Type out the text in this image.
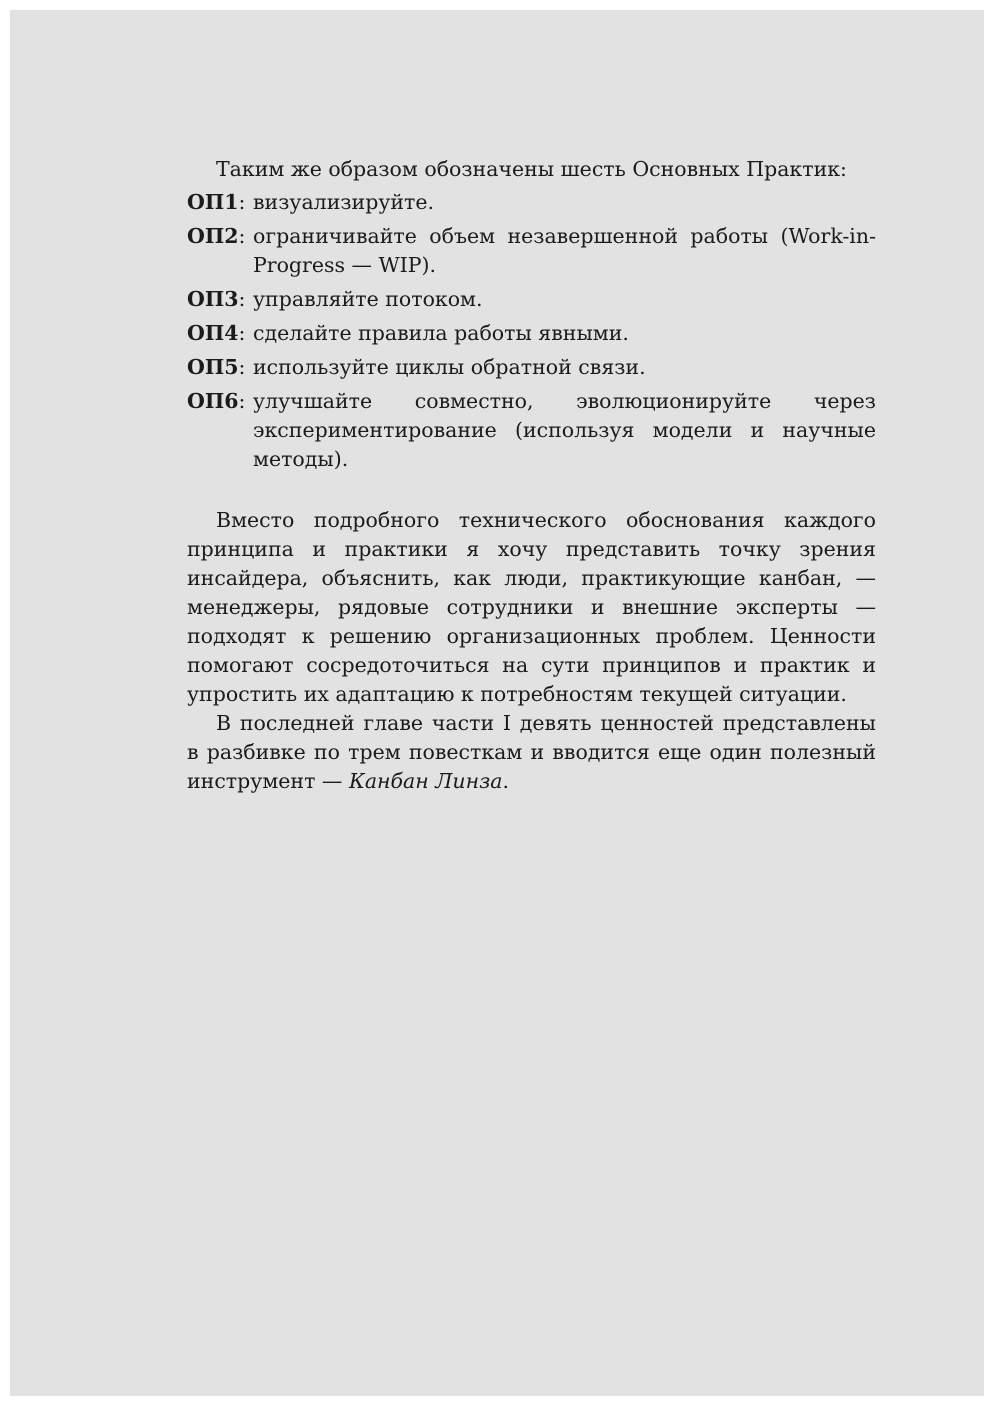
Таким же образом обозначены шесть Основных Практик:

ОП1: визуализируйте.
ОП2: ограничивайте объем незавершенной работы (Work-in-Progress — WIP).
ОП3: управляйте потоком.
ОП4: сделайте правила работы явными.
ОП5: используйте циклы обратной связи.
ОП6: улучшайте совместно, эволюционируйте через экспериментирование (используя модели и научные методы).

Вместо подробного технического обоснования каждого принципа и практики я хочу представить точку зрения инсайдера, объяснить, как люди, практикующие канбан, — менеджеры, рядовые сотрудники и внешние эксперты — подходят к решению организационных проблем. Ценности помогают сосредоточиться на сути принципов и практик и упростить их адаптацию к потребностям текущей ситуации.

В последней главе части I девять ценностей представлены в разбивке по трем повесткам и вводится еще один полезный инструмент — Канбан Линза.
